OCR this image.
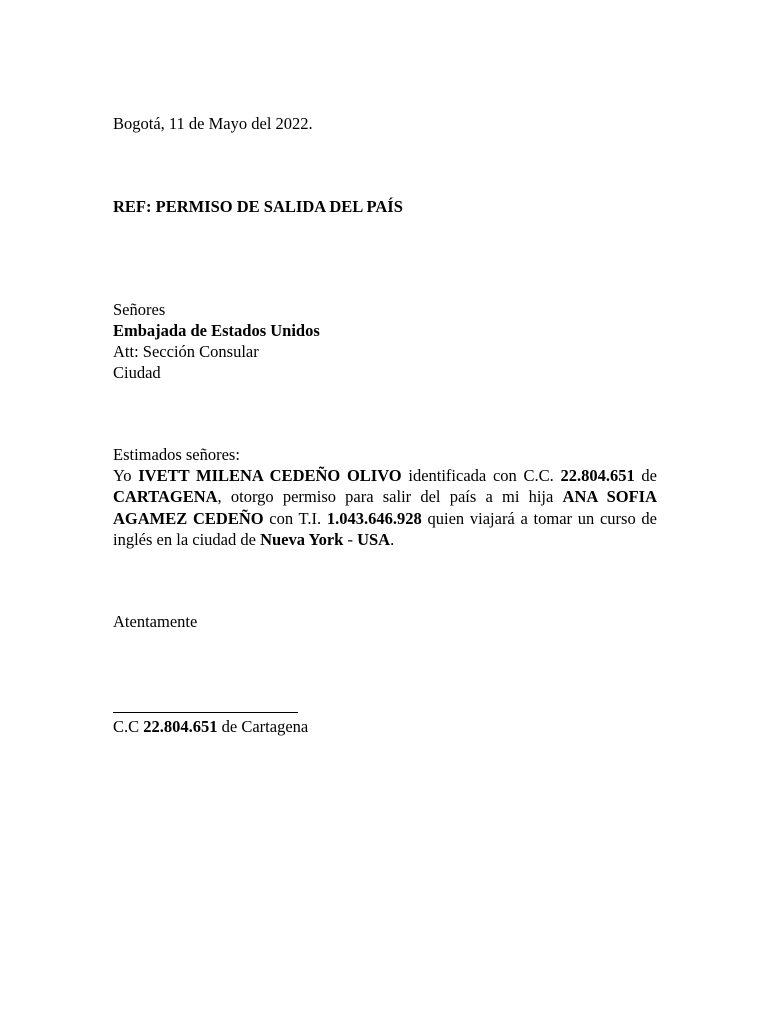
Bogotá, 11 de Mayo del 2022.
REF: PERMISO DE SALIDA DEL PAÍS
Señores
Embajada de Estados Unidos
Att: Sección Consular
Ciudad
Estimados señores:
Yo IVETT MILENA CEDEÑO OLIVO identificada con C.C. 22.804.651 de CARTAGENA, otorgo permiso para salir del país a mi hija ANA SOFIA AGAMEZ CEDEÑO con T.I. 1.043.646.928 quien viajará a tomar un curso de inglés en la ciudad de Nueva York - USA.
Atentamente
C.C 22.804.651 de Cartagena
